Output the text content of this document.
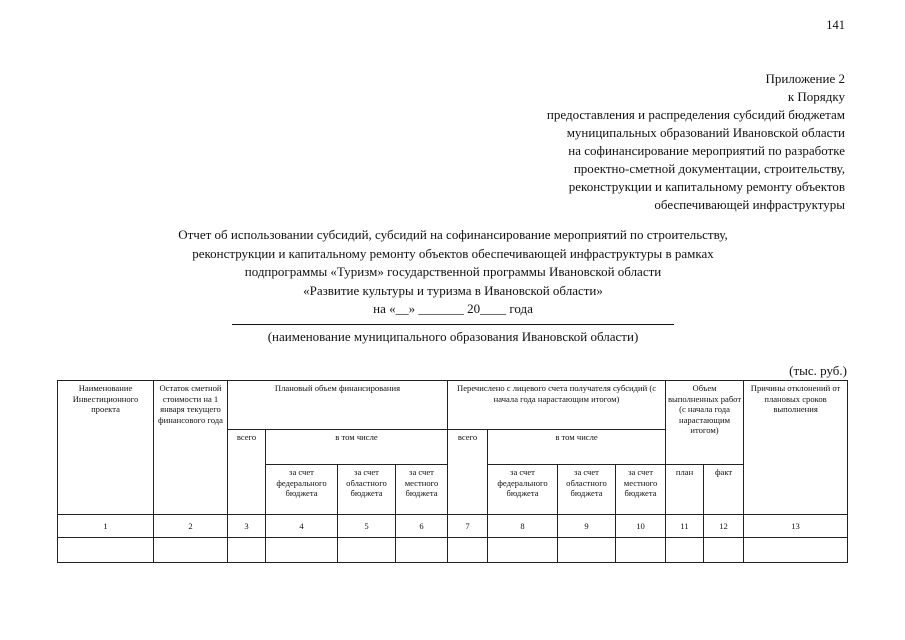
141
Приложение 2
к Порядку
предоставления и распределения субсидий бюджетам
муниципальных образований Ивановской области
на софинансирование мероприятий по разработке
проектно-сметной документации, строительству,
реконструкции и капитальному ремонту объектов
обеспечивающей инфраструктуры
Отчет об использовании субсидий, субсидий на софинансирование мероприятий по строительству,
реконструкции и капитальному ремонту объектов обеспечивающей инфраструктуры в рамках
подпрограммы «Туризм» государственной программы Ивановской области
«Развитие культуры и туризма в Ивановской области»
на «__» _______ 20____ года
(наименование муниципального образования Ивановской области)
(тыс. руб.)
Наименование Инвестиционного проекта	Остаток сметной стоимости на 1 января текущего финансового года	Плановый объем финансирования				Перечислено с лицевого счета получателя субсидий (с начала года нарастающим итогом)				Объем выполненных работ (с начала года нарастающим итогом)		Причины отклонений от плановых сроков выполнения
		всего	в том числе			всего	в том числе					
			за счет федерального бюджета	за счет областного бюджета	за счет местного бюджета		за счет федерального бюджета	за счет областного бюджета	за счет местного бюджета	план	факт	
1	2	3	4	5	6	7	8	9	10	11	12	13
